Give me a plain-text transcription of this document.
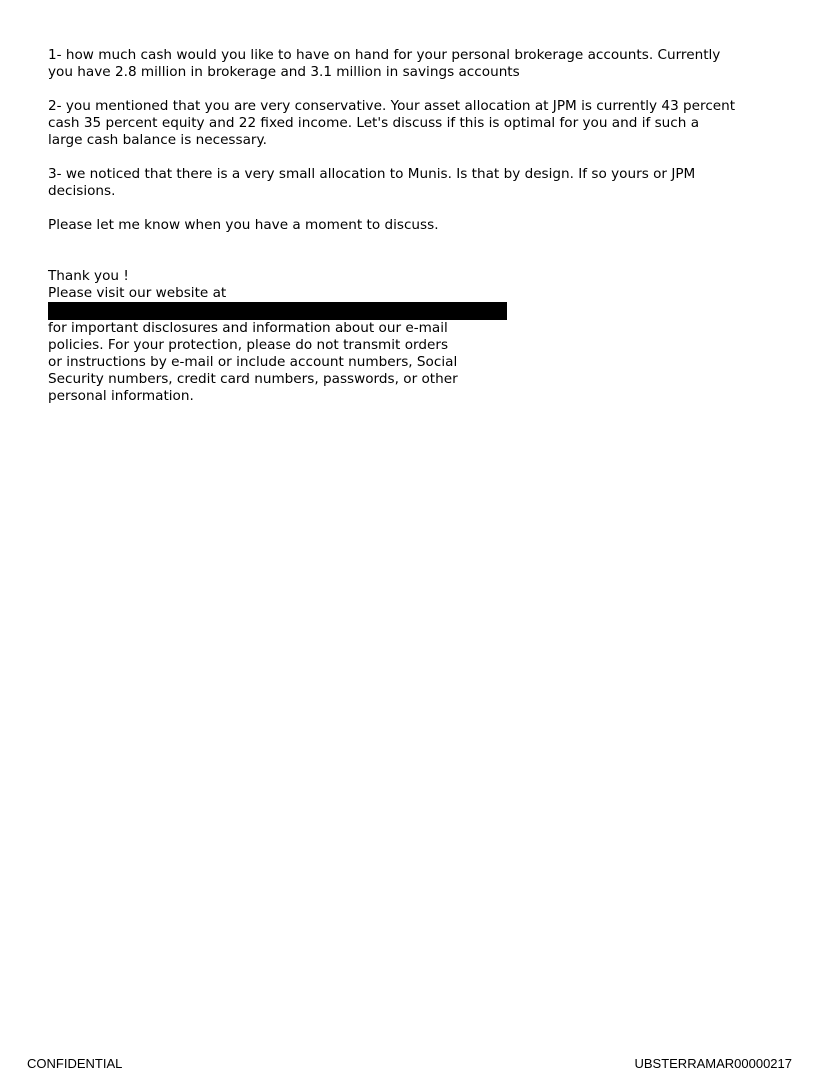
1- how much cash would you like to have on hand for your personal brokerage accounts. Currently
you have 2.8 million in brokerage and 3.1 million in savings accounts

2- you mentioned that you are very conservative. Your asset allocation at JPM is currently 43 percent
cash 35 percent equity and 22 fixed income. Let's discuss if this is optimal for you and if such a
large cash balance is necessary.

3- we noticed that there is a very small allocation to Munis. Is that by design. If so yours or JPM
decisions.

Please let me know when you have a moment to discuss.

Thank you !
Please visit our website at

for important disclosures and information about our e-mail
policies. For your protection, please do not transmit orders
or instructions by e-mail or include account numbers, Social
Security numbers, credit card numbers, passwords, or other
personal information.

CONFIDENTIAL	UBSTERRAMAR00000217
